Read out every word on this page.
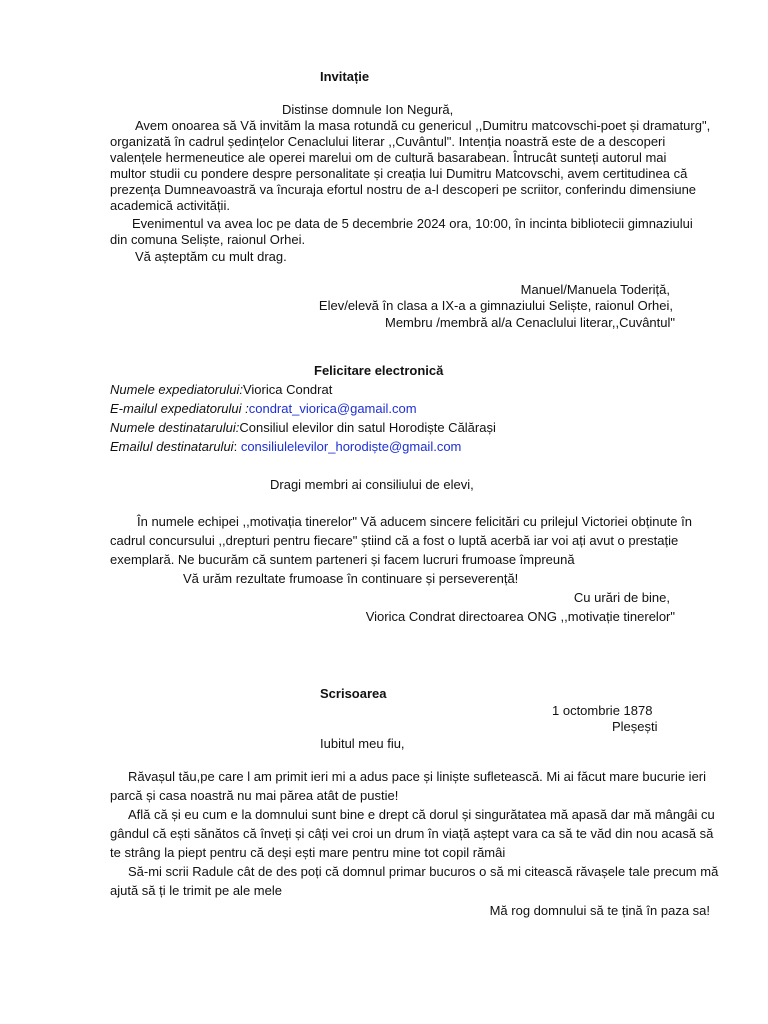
Invitație
Distinse domnule Ion Negură,
Avem onoarea să Vă invităm la masa rotundă cu genericul ,,Dumitru matcovschi-poet și dramaturg",
organizată în cadrul ședințelor Cenaclului literar ,,Cuvântul". Intenția noastră este de a descoperi
valențele hermeneutice ale operei marelui om de cultură basarabean. Întrucât sunteți autorul mai
multor studii cu pondere despre personalitate și creația lui Dumitru Matcovschi, avem certitudinea că
prezența Dumneavoastră va încuraja efortul nostru de a-l descoperi pe scriitor, conferindu dimensiune
academică activității.
Evenimentul va avea loc pe data de 5 decembrie 2024 ora, 10:00, în incinta bibliotecii gimnaziului
din comuna Seliște, raionul Orhei.
Vă așteptăm cu mult drag.
Manuel/Manuela Toderiță,
Elev/elevă în clasa a IX-a a gimnaziului Seliște, raionul Orhei,
Membru /membră al/a Cenaclului literar,,Cuvântul"
Felicitare electronică
Numele expediatorului:Viorica Condrat
E-mailul expediatorului :condrat_viorica@gamail.com
Numele destinatarului:Consiliul elevilor din satul Horodiște Călărași
Emailul destinatarului: consiliulelevilor_horodiște@gmail.com
Dragi membri ai consiliului de elevi,
În numele echipei ,,motivația tinerelor" Vă aducem sincere felicitări cu prilejul Victoriei obținute în
cadrul concursului ,,drepturi pentru fiecare" știind că a fost o luptă acerbă iar voi ați avut o prestație
exemplară. Ne bucurăm că suntem parteneri și facem lucruri frumoase împreună
Vă urăm rezultate frumoase în continuare și perseverență!
Cu urări de bine,
Viorica Condrat directoarea ONG ,,motivație tinerelor"
Scrisoarea
1 octombrie 1878
Pleșești
Iubitul meu fiu,
Răvașul tău,pe care l am primit ieri mi a adus pace și liniște sufletească. Mi ai făcut mare bucurie ieri
parcă și casa noastră nu mai părea atât de pustie!
Află că și eu cum e la domnului sunt bine e drept că dorul și singurătatea mă apasă dar mă mângâi cu
gândul că ești sănătos că înveți și câți vei croi un drum în viață aștept vara ca să te văd din nou acasă să
te strâng la piept pentru că deși ești mare pentru mine tot copil rămâi
Să-mi scrii Radule cât de des poți că domnul primar bucuros o să mi citească răvașele tale precum mă
ajută să ți le trimit pe ale mele
Mă rog domnului să te țină în paza sa!
